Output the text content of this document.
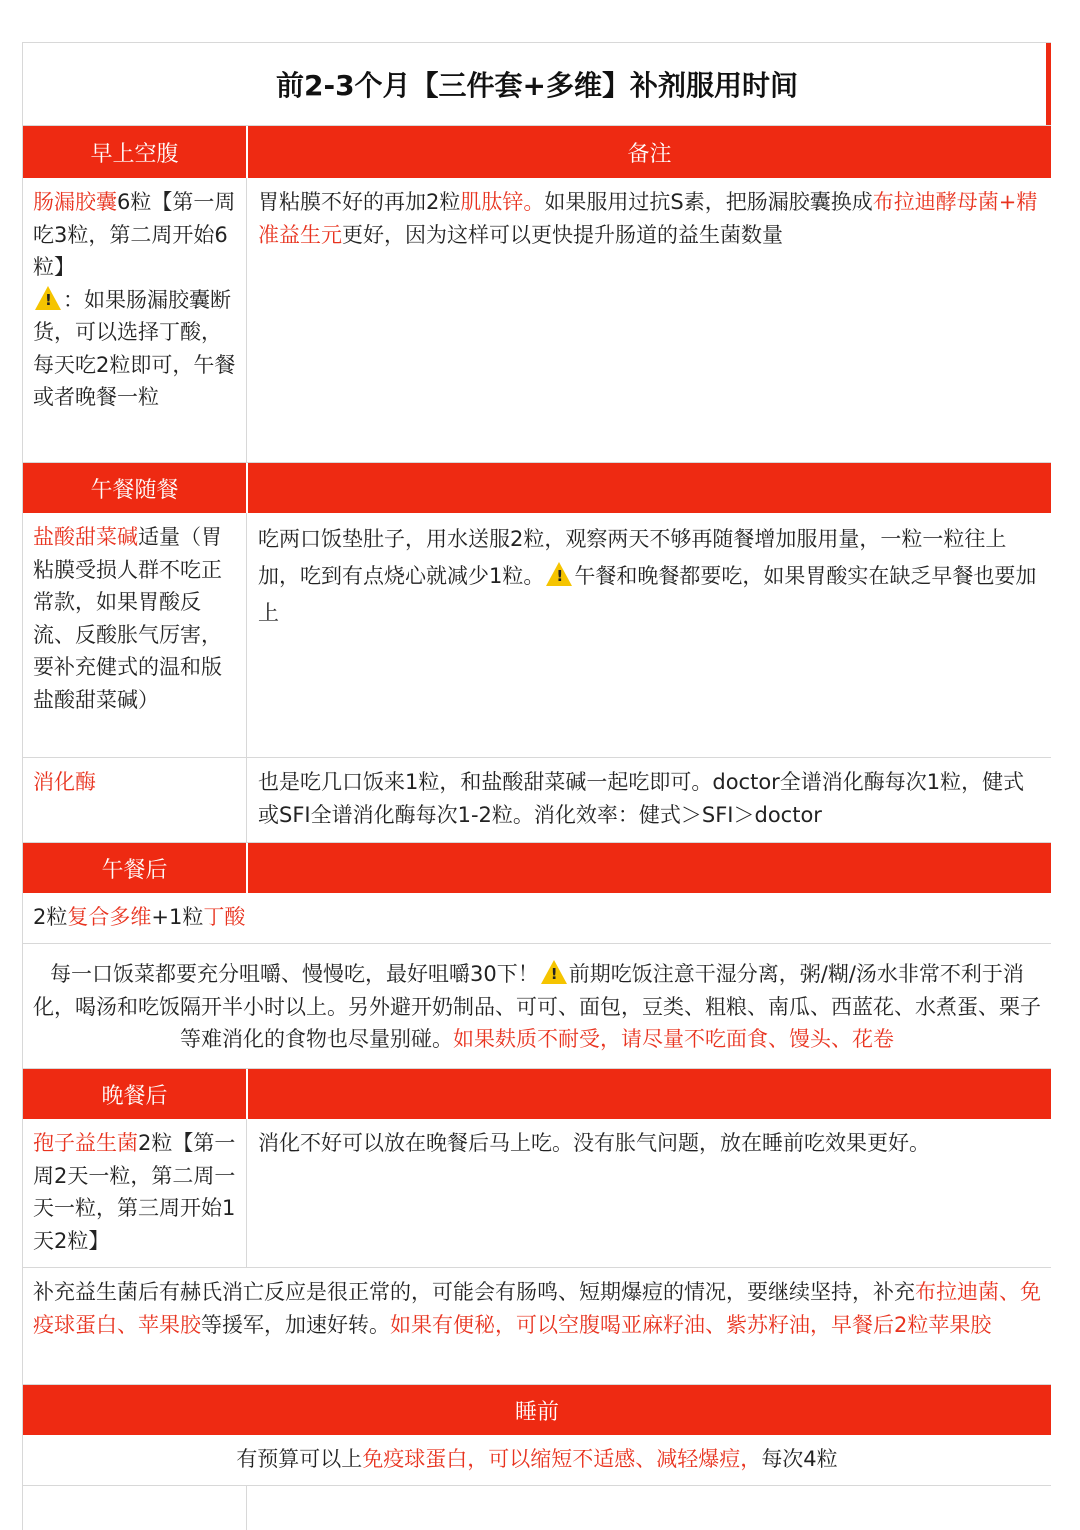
前2-3个月【三件套+多维】补剂服用时间
早上空腹	备注
肠漏胶囊6粒【第一周吃3粒，第二周开始6粒】
!：如果肠漏胶囊断货，可以选择丁酸，每天吃2粒即可，午餐或者晚餐一粒
胃粘膜不好的再加2粒肌肽锌。如果服用过抗S素，把肠漏胶囊换成布拉迪酵母菌+精准益生元更好，因为这样可以更快提升肠道的益生菌数量
午餐随餐
盐酸甜菜碱适量（胃粘膜受损人群不吃正常款，如果胃酸反流、反酸胀气厉害，要补充健式的温和版盐酸甜菜碱）
吃两口饭垫肚子，用水送服2粒，观察两天不够再随餐增加服用量，一粒一粒往上加，吃到有点烧心就减少1粒。 ! 午餐和晚餐都要吃，如果胃酸实在缺乏早餐也要加上
消化酶	也是吃几口饭来1粒，和盐酸甜菜碱一起吃即可。doctor全谱消化酶每次1粒，健式或SFI全谱消化酶每次1-2粒。消化效率：健式＞SFI＞doctor
午餐后
2粒复合多维+1粒丁酸
每一口饭菜都要充分咀嚼、慢慢吃，最好咀嚼30下！ ! 前期吃饭注意干湿分离，粥/糊/汤水非常不利于消化，喝汤和吃饭隔开半小时以上。另外避开奶制品、可可、面包，豆类、粗粮、南瓜、西蓝花、水煮蛋、栗子等难消化的食物也尽量别碰。如果麸质不耐受，请尽量不吃面食、馒头、花卷
晚餐后
孢子益生菌2粒【第一周2天一粒，第二周一天一粒，第三周开始1天2粒】
消化不好可以放在晚餐后马上吃。没有胀气问题，放在睡前吃效果更好。
补充益生菌后有赫氏消亡反应是很正常的，可能会有肠鸣、短期爆痘的情况，要继续坚持，补充布拉迪菌、免疫球蛋白、苹果胶等援军，加速好转。如果有便秘，可以空腹喝亚麻籽油、紫苏籽油，早餐后2粒苹果胶
睡前
有预算可以上免疫球蛋白，可以缩短不适感、减轻爆痘，每次4粒
